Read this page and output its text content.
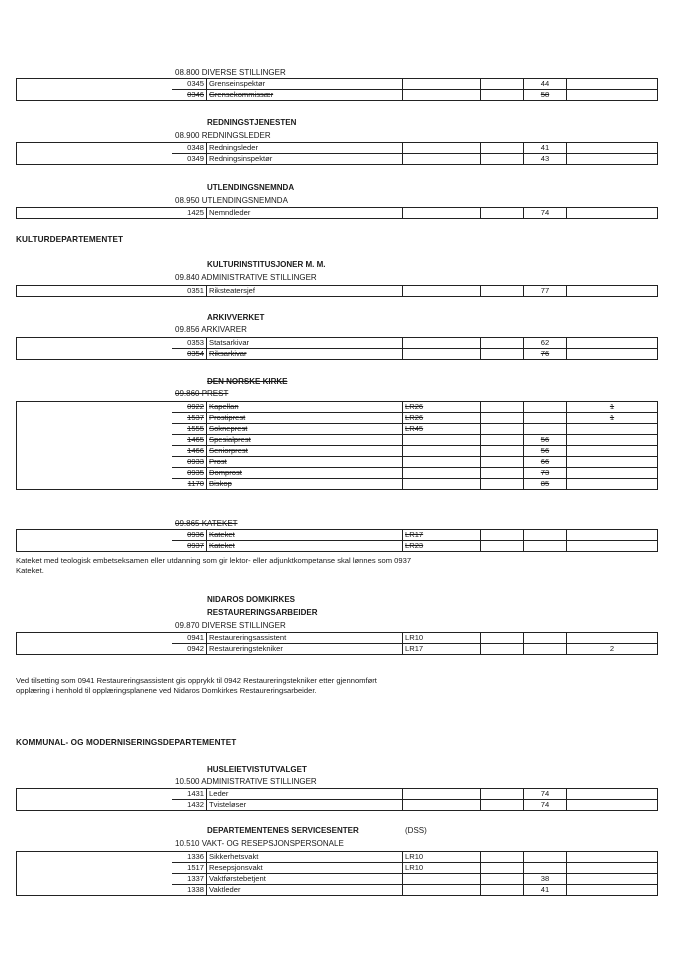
08.800 DIVERSE STILLINGER
	0345	Grenseinspektør			44	
	0346	Grensekommissær			58	
REDNINGSTJENESTEN
08.900 REDNINGSLEDER
	0348	Redningsleder			41	
	0349	Redningsinspektør			43	
UTLENDINGSNEMNDA
08.950 UTLENDINGSNEMNDA
	1425	Nemndleder			74	
KULTURDEPARTEMENTET
KULTURINSTITUSJONER M. M.
09.840 ADMINISTRATIVE STILLINGER
	0351	Riksteatersjef			77	
ARKIVVERKET
09.856 ARKIVARER
	0353	Statsarkivar			62	
	0354	Riksarkivar			76	
DEN NORSKE KIRKE
09.860 PREST
	0922	Kapellan	LR26			1
	1537	Prostiprest	LR26			1
	1555	Sokneprest	LR45			
	1465	Spesialprest			56	
	1466	Seniorprest			56	
	0933	Prost			66	
	0935	Domprost			73	
	1170	Biskop			85	
09.865 KATEKET
	0936	Kateket	LR17			
	0937	Kateket	LR23			
Kateket med teologisk embetseksamen eller utdanning som gir lektor- eller adjunktkompetanse skal lønnes som 0937 Kateket.
NIDAROS DOMKIRKES
RESTAURERINGSARBEIDER
09.870 DIVERSE STILLINGER
	0941	Restaureringsassistent	LR10			
	0942	Restaureringstekniker	LR17			2
Ved tilsetting som 0941 Restaureringsassistent gis opprykk til 0942 Restaureringstekniker etter gjennomført opplæring i henhold til opplæringsplanene ved Nidaros Domkirkes Restaureringsarbeider.
KOMMUNAL- OG MODERNISERINGSDEPARTEMENTET
HUSLEIETVISTUTVALGET
10.500 ADMINISTRATIVE STILLINGER
	1431	Leder			74	
	1432	Tvisteløser			74	
DEPARTEMENTENES SERVICESENTER	(DSS)
10.510 VAKT- OG RESEPSJONSPERSONALE
	1336	Sikkerhetsvakt	LR10			
	1517	Resepsjonsvakt	LR10			
	1337	Vaktførstebetjent			38	
	1338	Vaktleder			41	
